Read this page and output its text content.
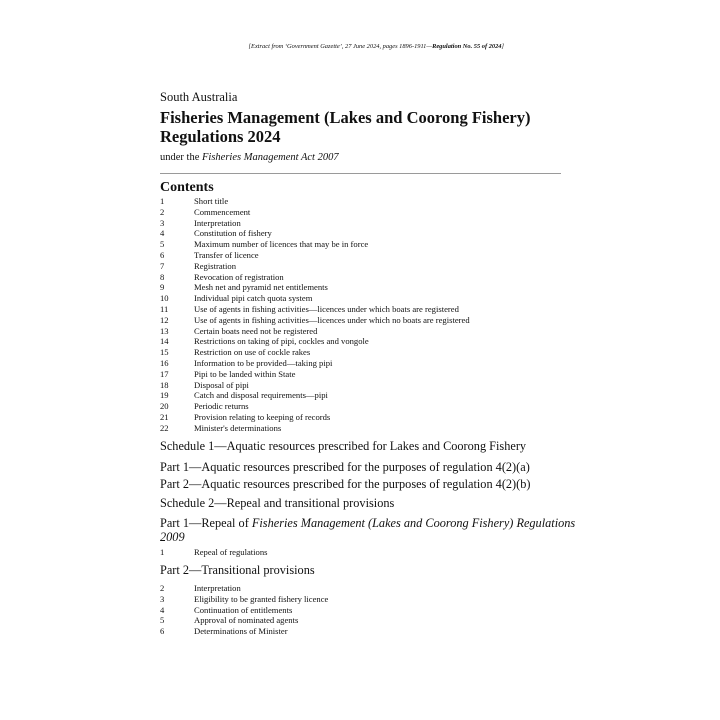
[Extract from ‘Government Gazette’, 27 June 2024, pages 1896-1911—Regulation No. 55 of 2024]
South Australia
Fisheries Management (Lakes and Coorong Fishery) Regulations 2024
under the Fisheries Management Act 2007
Contents
1	Short title
2	Commencement
3	Interpretation
4	Constitution of fishery
5	Maximum number of licences that may be in force
6	Transfer of licence
7	Registration
8	Revocation of registration
9	Mesh net and pyramid net entitlements
10	Individual pipi catch quota system
11	Use of agents in fishing activities—licences under which boats are registered
12	Use of agents in fishing activities—licences under which no boats are registered
13	Certain boats need not be registered
14	Restrictions on taking of pipi, cockles and vongole
15	Restriction on use of cockle rakes
16	Information to be provided—taking pipi
17	Pipi to be landed within State
18	Disposal of pipi
19	Catch and disposal requirements—pipi
20	Periodic returns
21	Provision relating to keeping of records
22	Minister's determinations
Schedule 1—Aquatic resources prescribed for Lakes and Coorong Fishery
Part 1—Aquatic resources prescribed for the purposes of regulation 4(2)(a)
Part 2—Aquatic resources prescribed for the purposes of regulation 4(2)(b)
Schedule 2—Repeal and transitional provisions
Part 1—Repeal of Fisheries Management (Lakes and Coorong Fishery) Regulations 2009
1	Repeal of regulations
Part 2—Transitional provisions
2	Interpretation
3	Eligibility to be granted fishery licence
4	Continuation of entitlements
5	Approval of nominated agents
6	Determinations of Minister
